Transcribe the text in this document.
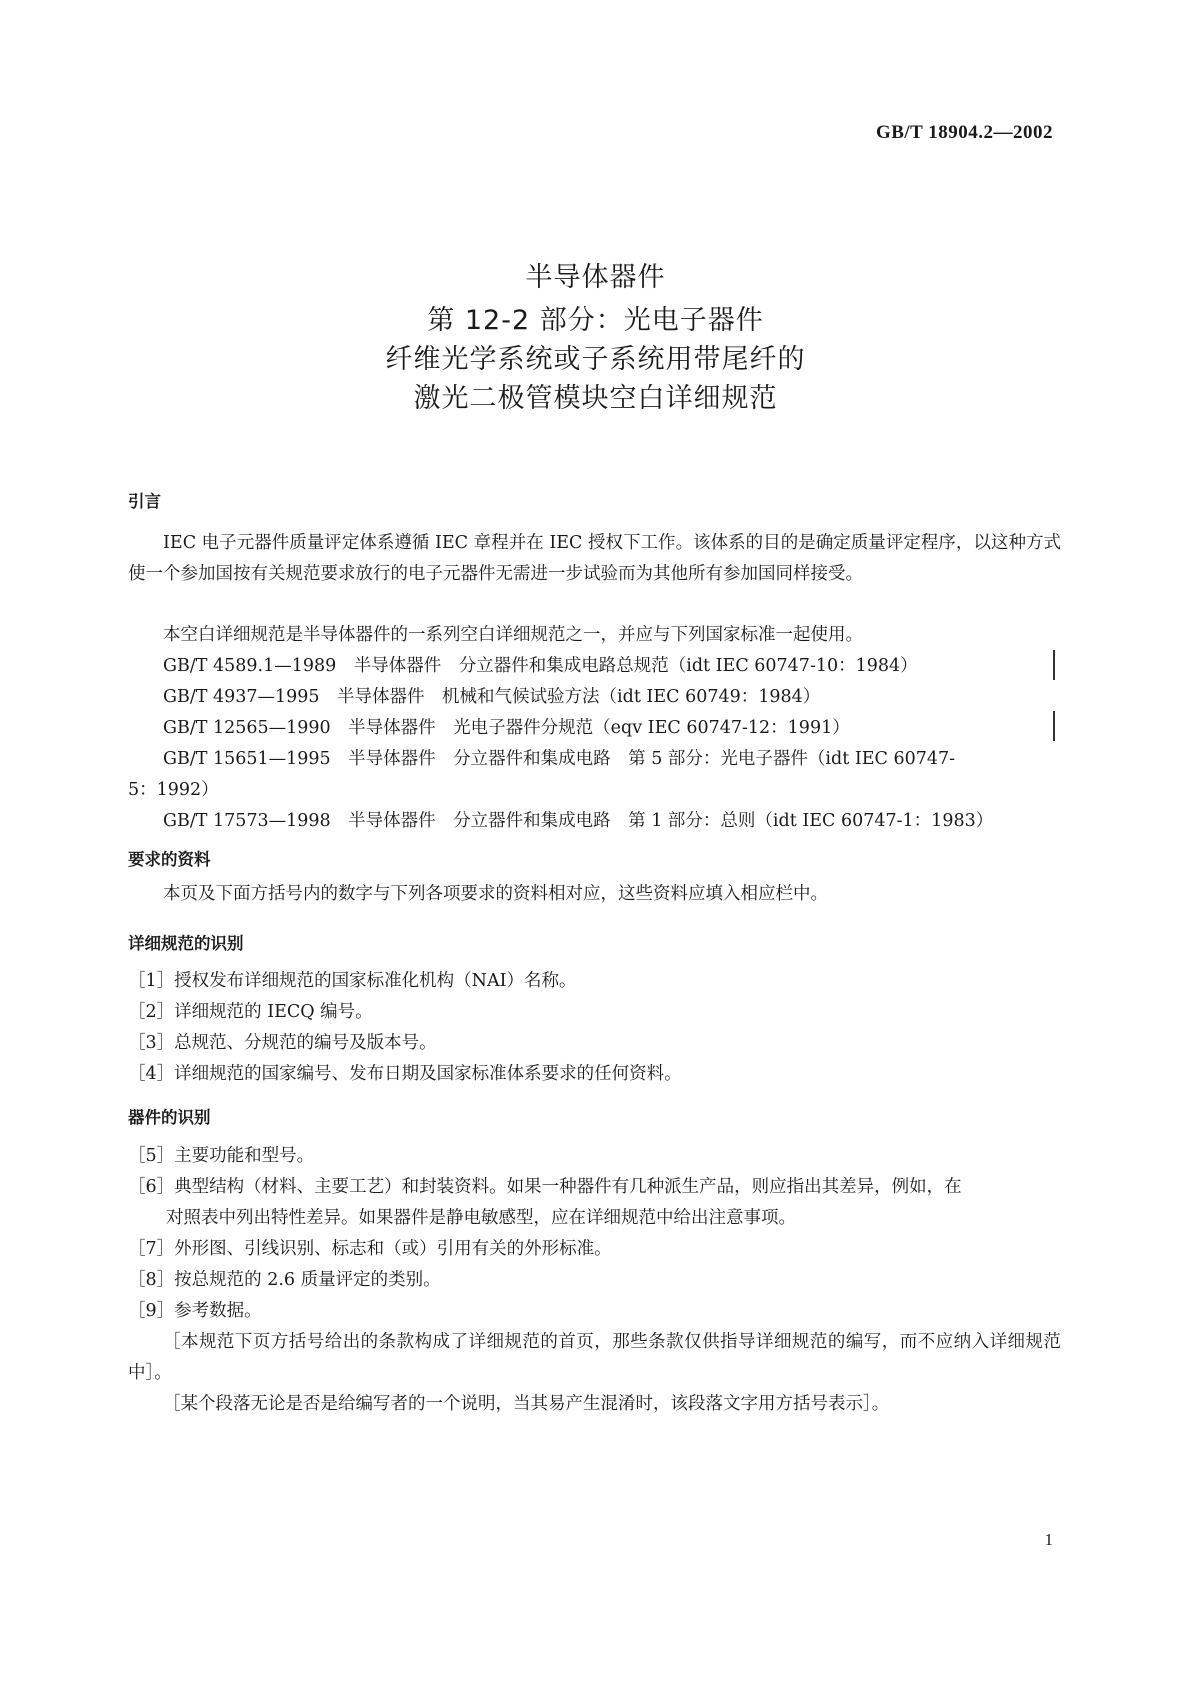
GB/T 18904.2—2002
半导体器件
第 12-2 部分：光电子器件
纤维光学系统或子系统用带尾纤的
激光二极管模块空白详细规范
引言
IEC 电子元器件质量评定体系遵循 IEC 章程并在 IEC 授权下工作。该体系的目的是确定质量评定程序，以这种方式使一个参加国按有关规范要求放行的电子元器件无需进一步试验而为其他所有参加国同样接受。
本空白详细规范是半导体器件的一系列空白详细规范之一，并应与下列国家标准一起使用。
GB/T 4589.1—1989　半导体器件　分立器件和集成电路总规范（idt IEC 60747-10：1984）
GB/T 4937—1995　半导体器件　机械和气候试验方法（idt IEC 60749：1984）
GB/T 12565—1990　半导体器件　光电子器件分规范（eqv IEC 60747-12：1991）
GB/T 15651—1995　半导体器件　分立器件和集成电路　第 5 部分：光电子器件（idt IEC 60747-
5：1992）
GB/T 17573—1998　半导体器件　分立器件和集成电路　第 1 部分：总则（idt IEC 60747-1：1983）
要求的资料
本页及下面方括号内的数字与下列各项要求的资料相对应，这些资料应填入相应栏中。
详细规范的识别
［1］授权发布详细规范的国家标准化机构（NAI）名称。
［2］详细规范的 IECQ 编号。
［3］总规范、分规范的编号及版本号。
［4］详细规范的国家编号、发布日期及国家标准体系要求的任何资料。
器件的识别
［5］主要功能和型号。
［6］典型结构（材料、主要工艺）和封装资料。如果一种器件有几种派生产品，则应指出其差异，例如，在
对照表中列出特性差异。如果器件是静电敏感型，应在详细规范中给出注意事项。
［7］外形图、引线识别、标志和（或）引用有关的外形标准。
［8］按总规范的 2.6 质量评定的类别。
［9］参考数据。
［本规范下页方括号给出的条款构成了详细规范的首页，那些条款仅供指导详细规范的编写，而不应纳入详细规范中］。
［某个段落无论是否是给编写者的一个说明，当其易产生混淆时，该段落文字用方括号表示］。
1
